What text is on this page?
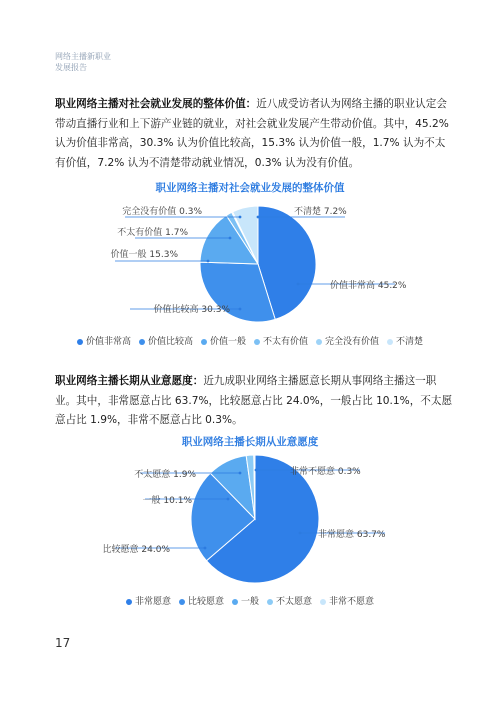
网络主播新职业
发展报告
职业网络主播对社会就业发展的整体价值：近八成受访者认为网络主播的职业认定会带动直播行业和上下游产业链的就业，对社会就业发展产生带动价值。其中，45.2%认为价值非常高，30.3% 认为价值比较高，15.3% 认为价值一般，1.7% 认为不太有价值，7.2% 认为不清楚带动就业情况，0.3% 认为没有价值。
职业网络主播对社会就业发展的整体价值
价值非常高 45.2%
价值比较高 30.3%
价值一般 15.3%
不太有价值 1.7%
完全没有价值 0.3%	不清楚 7.2%
价值非常高 价值比较高 价值一般 不太有价值 完全没有价值 不清楚
职业网络主播长期从业意愿度：近九成职业网络主播愿意长期从事网络主播这一职业。其中，非常愿意占比 63.7%，比较愿意占比 24.0%，一般占比 10.1%，不太愿意占比 1.9%，非常不愿意占比 0.3%。
职业网络主播长期从业意愿度
非常愿意 63.7%
比较愿意 24.0%
一般 10.1%
不太愿意 1.9%	非常不愿意 0.3%
非常愿意 比较愿意 一般 不太愿意 非常不愿意
17
